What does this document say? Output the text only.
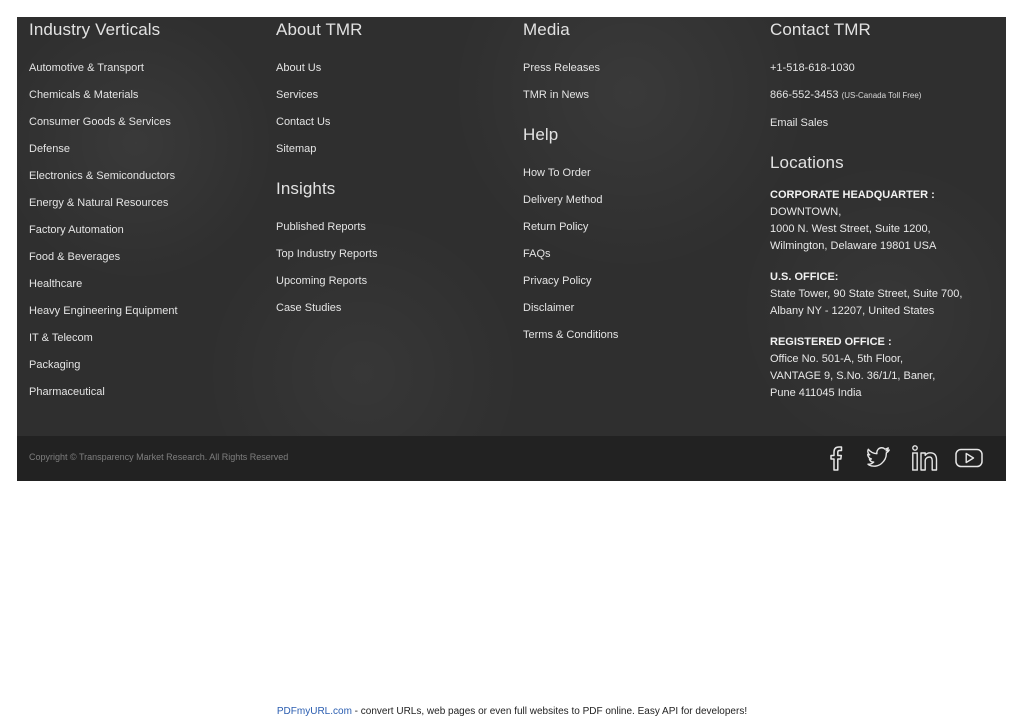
Industry Verticals
Automotive & Transport
Chemicals & Materials
Consumer Goods & Services
Defense
Electronics & Semiconductors
Energy & Natural Resources
Factory Automation
Food & Beverages
Healthcare
Heavy Engineering Equipment
IT & Telecom
Packaging
Pharmaceutical
About TMR
About Us
Services
Contact Us
Sitemap
Insights
Published Reports
Top Industry Reports
Upcoming Reports
Case Studies
Media
Press Releases
TMR in News
Help
How To Order
Delivery Method
Return Policy
FAQs
Privacy Policy
Disclaimer
Terms & Conditions
Contact TMR
+1-518-618-1030
866-552-3453 (US-Canada Toll Free)
Email Sales
Locations
CORPORATE HEADQUARTER :
DOWNTOWN,
1000 N. West Street, Suite 1200,
Wilmington, Delaware 19801 USA
U.S. OFFICE:
State Tower, 90 State Street, Suite 700,
Albany NY - 12207, United States
REGISTERED OFFICE :
Office No. 501-A, 5th Floor,
VANTAGE 9, S.No. 36/1/1, Baner,
Pune 411045 India
Copyright © Transparency Market Research. All Rights Reserved
PDFmyURL.com - convert URLs, web pages or even full websites to PDF online. Easy API for developers!
